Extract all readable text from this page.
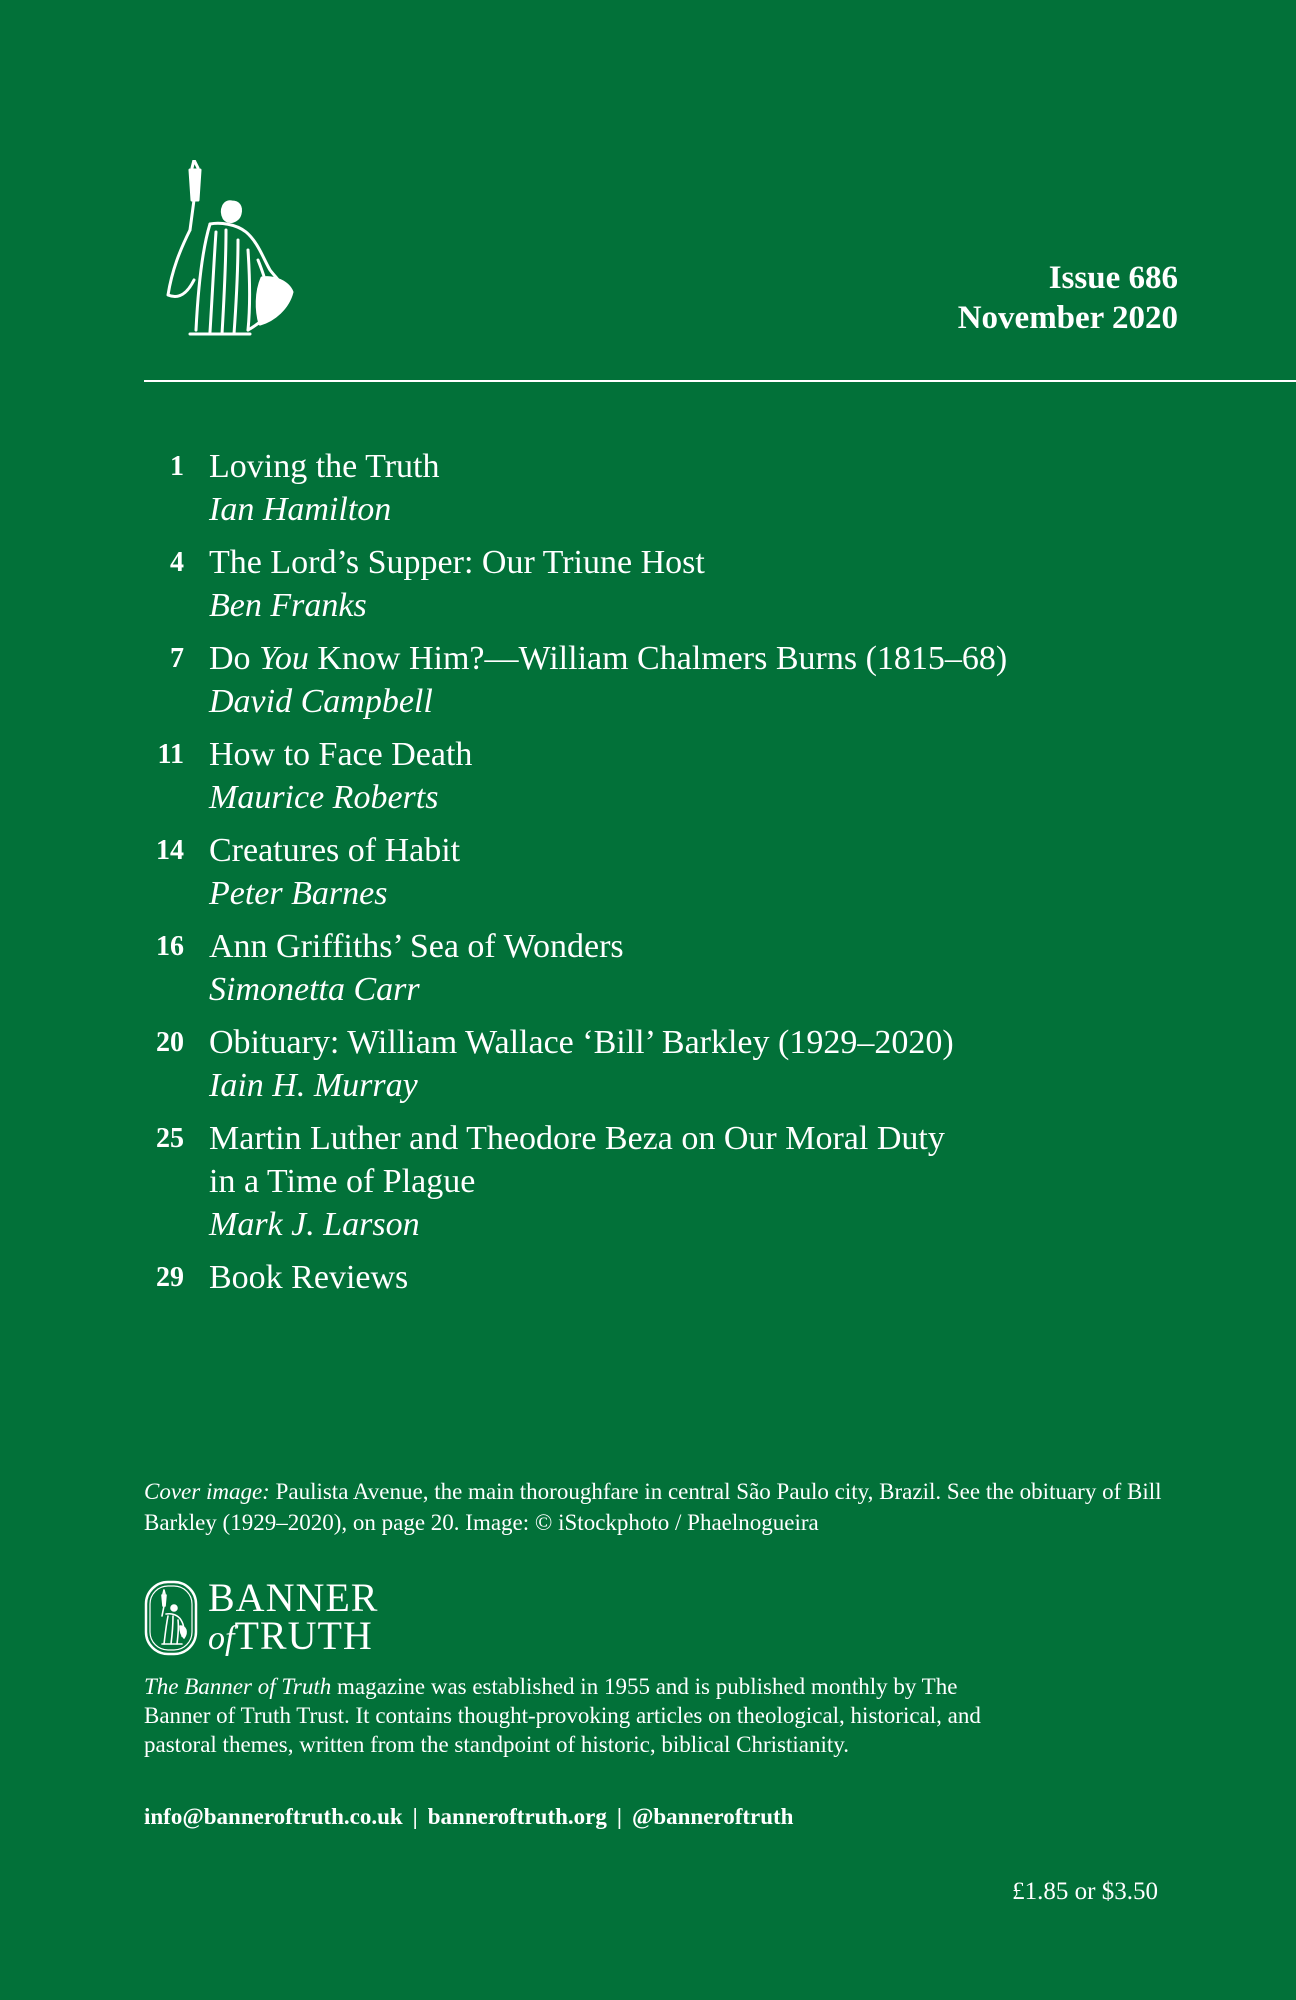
Issue 686
November 2020
1 Loving the Truth
Ian Hamilton
4 The Lord’s Supper: Our Triune Host
Ben Franks
7 Do You Know Him?—William Chalmers Burns (1815–68)
David Campbell
11 How to Face Death
Maurice Roberts
14 Creatures of Habit
Peter Barnes
16 Ann Griffiths’ Sea of Wonders
Simonetta Carr
20 Obituary: William Wallace ‘Bill’ Barkley (1929–2020)
Iain H. Murray
25 Martin Luther and Theodore Beza on Our Moral Duty
in a Time of Plague
Mark J. Larson
29 Book Reviews
Cover image: Paulista Avenue, the main thoroughfare in central São Paulo city, Brazil. See the obituary of Bill Barkley (1929–2020), on page 20. Image: © iStockphoto / Phaelnogueira
BANNER
ofTRUTH
The Banner of Truth magazine was established in 1955 and is published monthly by The Banner of Truth Trust. It contains thought-provoking articles on theological, historical, and pastoral themes, written from the standpoint of historic, biblical Christianity.
info@banneroftruth.co.uk | banneroftruth.org | @banneroftruth
£1.85 or $3.50
